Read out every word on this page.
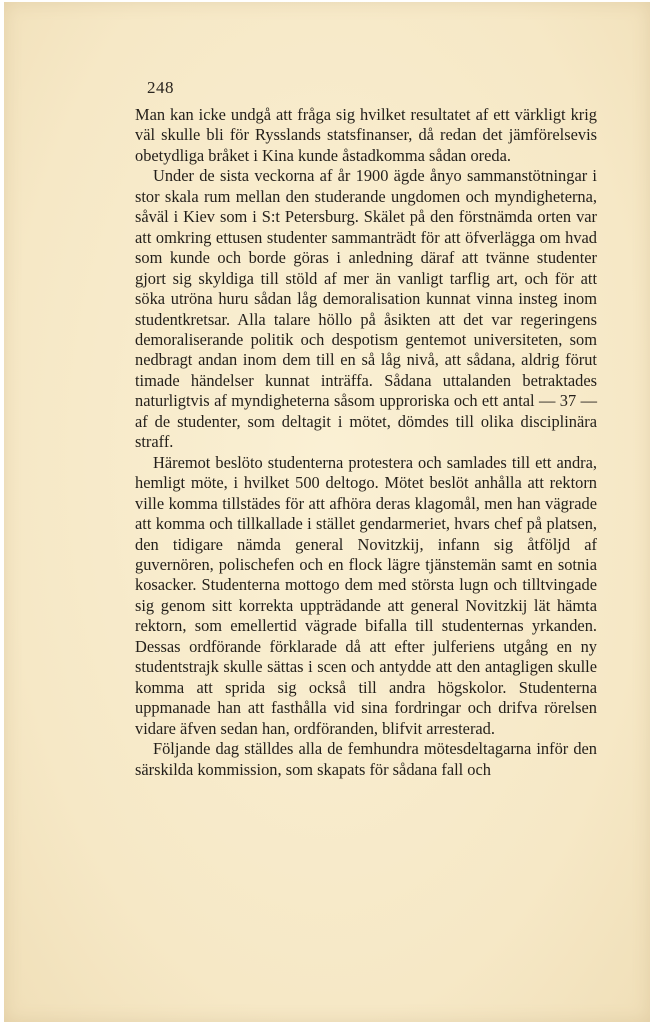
248

Man kan icke undgå att fråga sig hvilket resultatet af ett värkligt krig väl skulle bli för Rysslands statsfinanser, då redan det jämförelsevis obetydliga bråket i Kina kunde åstadkomma sådan oreda.

Under de sista veckorna af år 1900 ägde ånyo sammanstötningar i stor skala rum mellan den studerande ungdomen och myndigheterna, såväl i Kiev som i S:t Petersburg. Skälet på den förstnämda orten var att omkring ettusen studenter sammanträdt för att öfverlägga om hvad som kunde och borde göras i anledning däraf att tvänne studenter gjort sig skyldiga till stöld af mer än vanligt tarflig art, och för att söka utröna huru sådan låg demoralisation kunnat vinna insteg inom studentkretsar. Alla talare höllo på åsikten att det var regeringens demoraliserande politik och despotism gentemot universiteten, som nedbragt andan inom dem till en så låg nivå, att sådana, aldrig förut timade händelser kunnat inträffa. Sådana uttalanden betraktades naturligtvis af myndigheterna såsom upproriska och ett antal — 37 — af de studenter, som deltagit i mötet, dömdes till olika disciplinära straff.

Häremot beslöto studenterna protestera och samlades till ett andra, hemligt möte, i hvilket 500 deltogo. Mötet beslöt anhålla att rektorn ville komma tillstädes för att afhöra deras klagomål, men han vägrade att komma och tillkallade i stället gendarmeriet, hvars chef på platsen, den tidigare nämda general Novitzkij, infann sig åtföljd af guvernören, polischefen och en flock lägre tjänstemän samt en sotnia kosacker. Studenterna mottogo dem med största lugn och tilltvingade sig genom sitt korrekta uppträdande att general Novitzkij lät hämta rektorn, som emellertid vägrade bifalla till studenternas yrkanden. Dessas ordförande förklarade då att efter julferiens utgång en ny studentstrajk skulle sättas i scen och antydde att den antagligen skulle komma att sprida sig också till andra högskolor. Studenterna uppmanade han att fasthålla vid sina fordringar och drifva rörelsen vidare äfven sedan han, ordföranden, blifvit arresterad.

Följande dag ställdes alla de femhundra mötesdeltagarna inför den särskilda kommission, som skapats för sådana fall och
